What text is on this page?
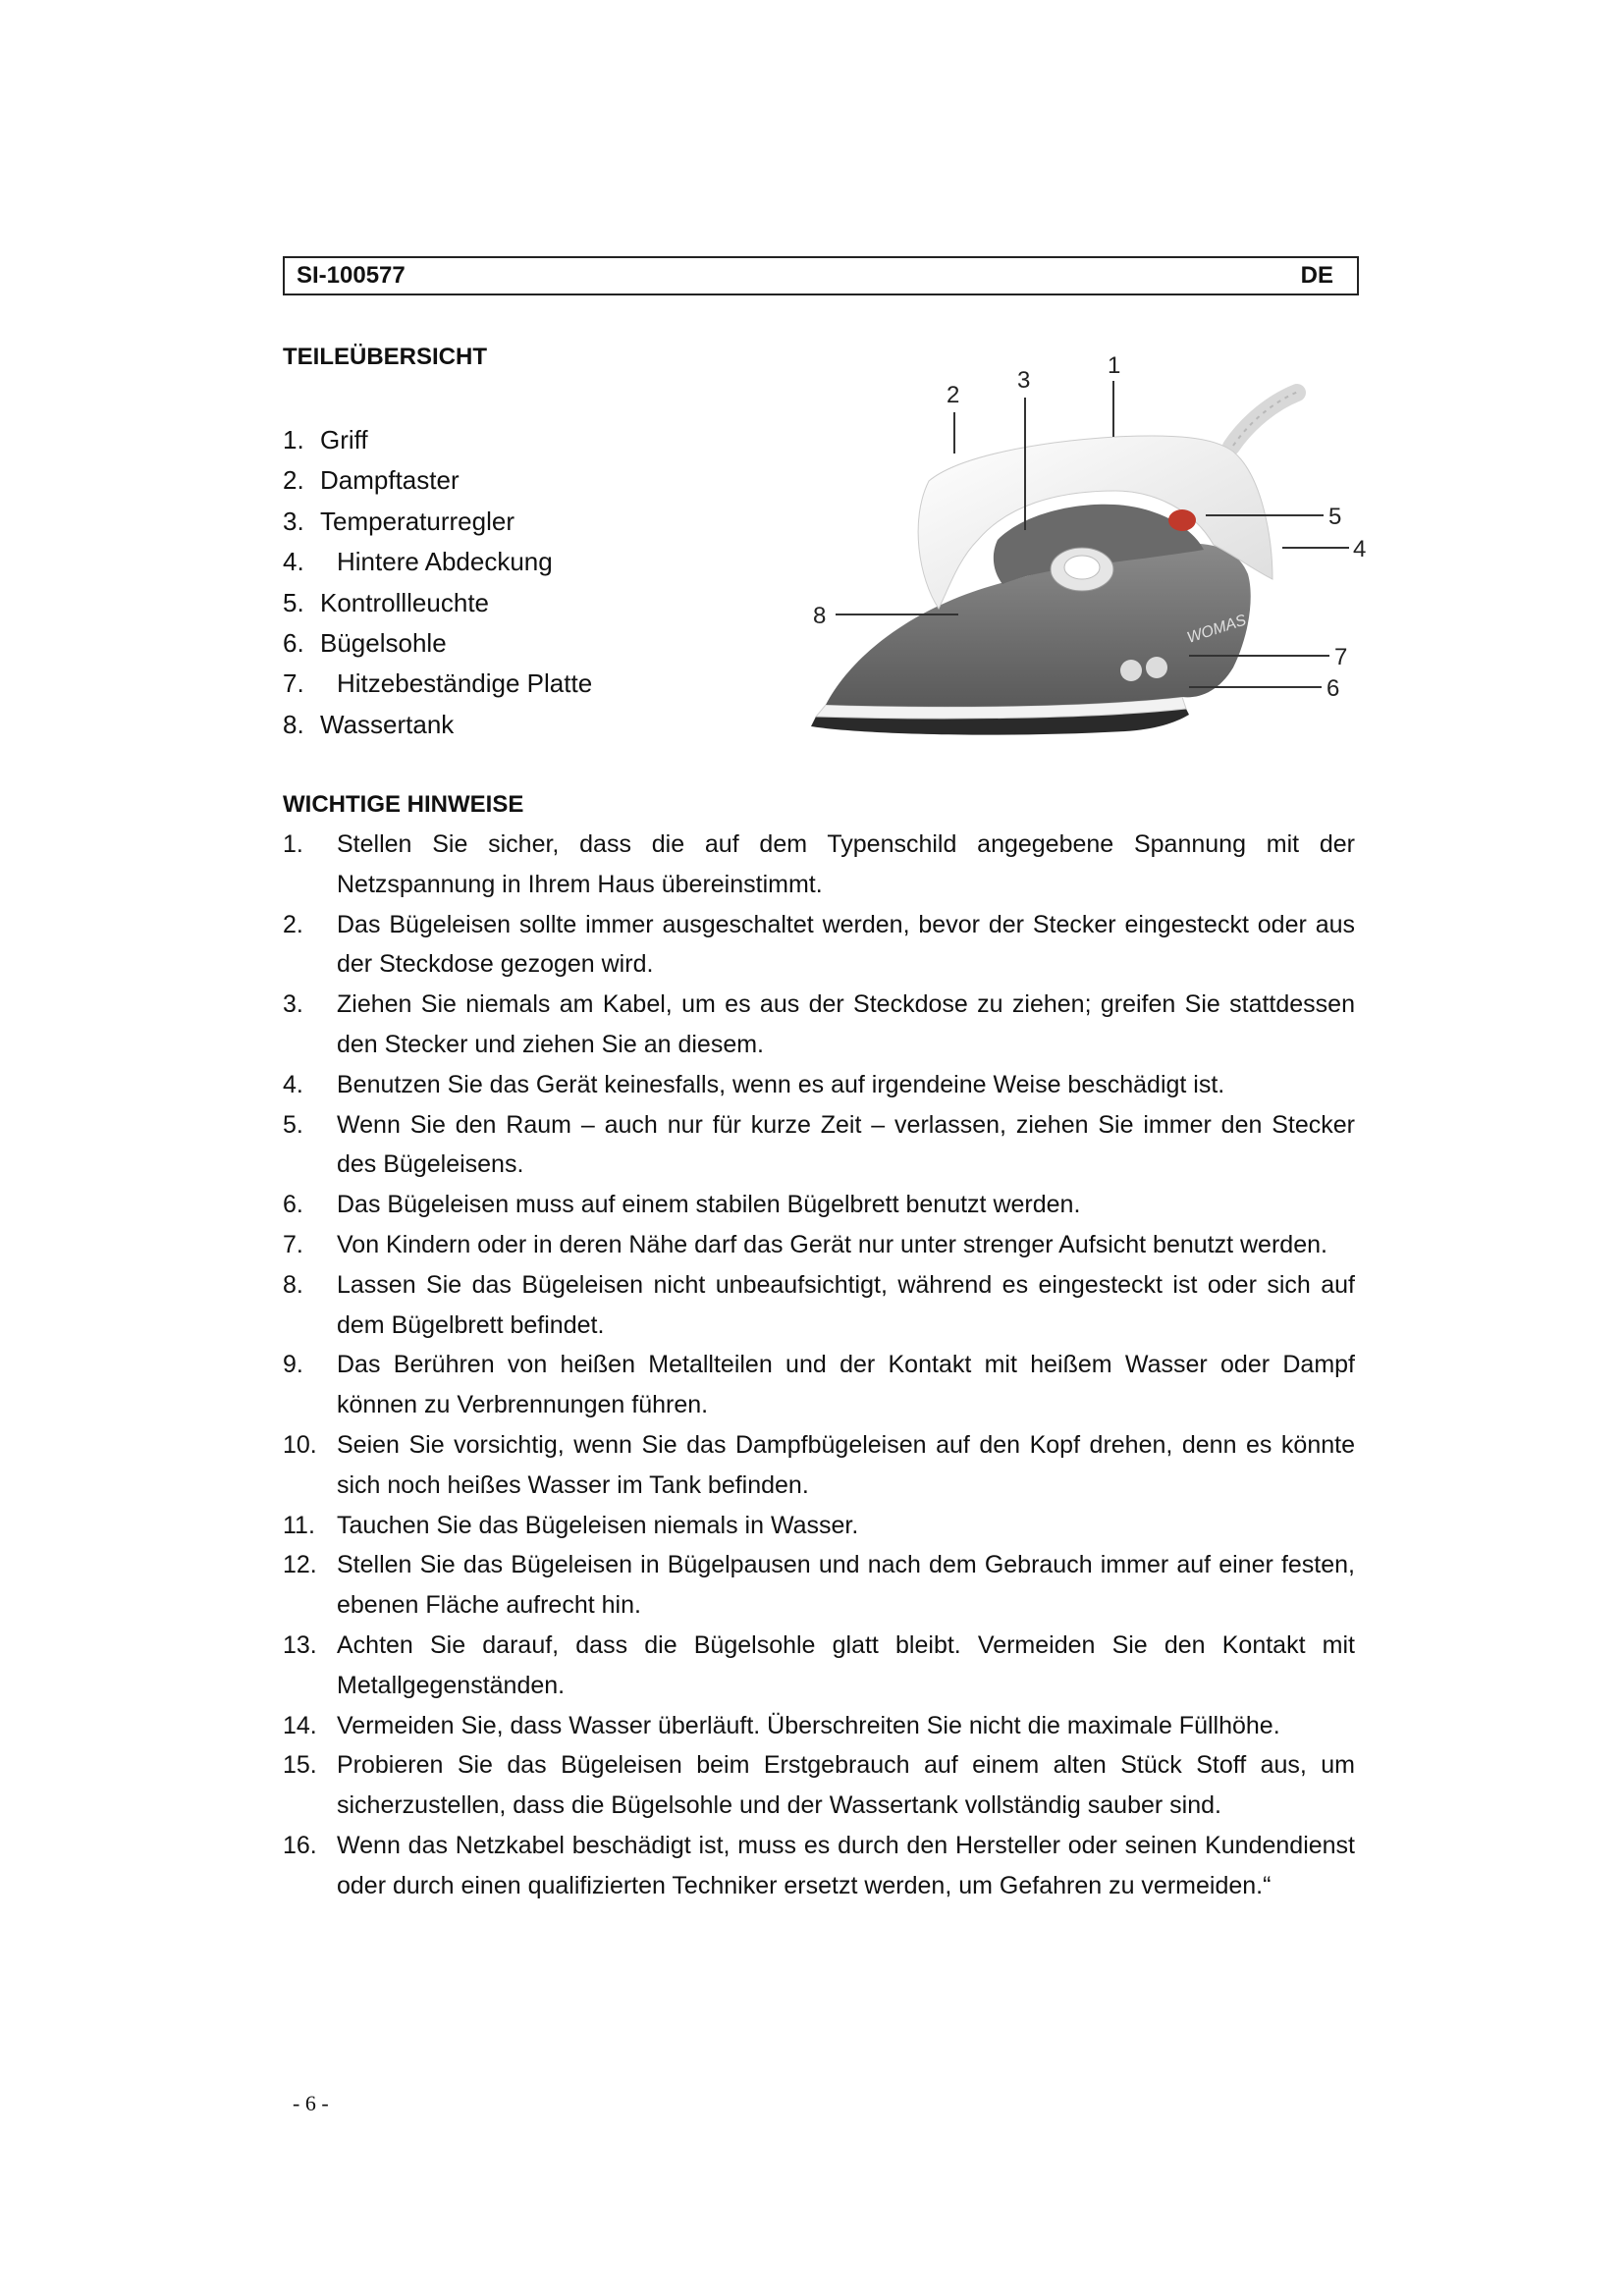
SI-100577	DE
TEILEÜBERSICHT
1. Griff
2. Dampftaster
3. Temperaturregler
4.	Hintere Abdeckung
5. Kontrollleuchte
6. Bügelsohle
7.	Hitzebeständige Platte
8. Wassertank
WOMAS
1
2
3
4
5
6
7
8
WICHTIGE HINWEISE
1.	Stellen Sie sicher, dass die auf dem Typenschild angegebene Spannung mit der Netzspannung in Ihrem Haus übereinstimmt.
2.	Das Bügeleisen sollte immer ausgeschaltet werden, bevor der Stecker eingesteckt oder aus der Steckdose gezogen wird.
3.	Ziehen Sie niemals am Kabel, um es aus der Steckdose zu ziehen; greifen Sie stattdessen den Stecker und ziehen Sie an diesem.
4.	Benutzen Sie das Gerät keinesfalls, wenn es auf irgendeine Weise beschädigt ist.
5.	Wenn Sie den Raum – auch nur für kurze Zeit – verlassen, ziehen Sie immer den Stecker des Bügeleisens.
6.	Das Bügeleisen muss auf einem stabilen Bügelbrett benutzt werden.
7.	Von Kindern oder in deren Nähe darf das Gerät nur unter strenger Aufsicht benutzt werden.
8.	Lassen Sie das Bügeleisen nicht unbeaufsichtigt, während es eingesteckt ist oder sich auf dem Bügelbrett befindet.
9.	Das Berühren von heißen Metallteilen und der Kontakt mit heißem Wasser oder Dampf können zu Verbrennungen führen.
10. Seien Sie vorsichtig, wenn Sie das Dampfbügeleisen auf den Kopf drehen, denn es könnte sich noch heißes Wasser im Tank befinden.
11. Tauchen Sie das Bügeleisen niemals in Wasser.
12. Stellen Sie das Bügeleisen in Bügelpausen und nach dem Gebrauch immer auf einer festen, ebenen Fläche aufrecht hin.
13. Achten Sie darauf, dass die Bügelsohle glatt bleibt. Vermeiden Sie den Kontakt mit Metallgegenständen.
14. Vermeiden Sie, dass Wasser überläuft. Überschreiten Sie nicht die maximale Füllhöhe.
15. Probieren Sie das Bügeleisen beim Erstgebrauch auf einem alten Stück Stoff aus, um sicherzustellen, dass die Bügelsohle und der Wassertank vollständig sauber sind.
16. Wenn das Netzkabel beschädigt ist, muss es durch den Hersteller oder seinen Kundendienst oder durch einen qualifizierten Techniker ersetzt werden, um Gefahren zu vermeiden.“
- 6 -
